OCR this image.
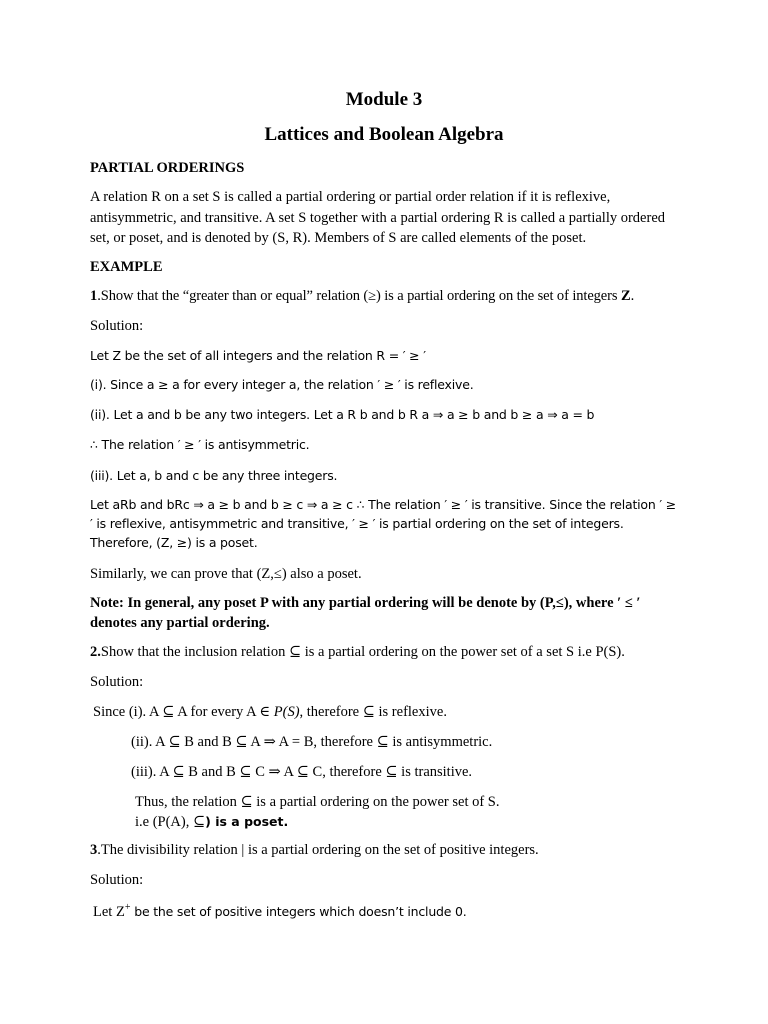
Module 3
Lattices and Boolean Algebra
PARTIAL ORDERINGS
A relation R on a set S is called a partial ordering or partial order relation if it is reflexive, antisymmetric, and transitive. A set S together with a partial ordering R is called a partially ordered set, or poset, and is denoted by (S, R). Members of S are called elements of the poset.
EXAMPLE
1.Show that the “greater than or equal” relation (≥) is a partial ordering on the set of integers Z.
Solution:
Let Z be the set of all integers and the relation R = ′ ≥ ′
(i). Since a ≥ a for every integer a, the relation ′ ≥ ′ is reflexive.
(ii). Let a and b be any two integers. Let a R b and b R a ⇒ a ≥ b and b ≥ a ⇒ a = b
∴ The relation ′ ≥ ′ is antisymmetric.
(iii). Let a, b and c be any three integers.
Let aRb and bRc ⇒ a ≥ b and b ≥ c ⇒ a ≥ c ∴ The relation ′ ≥ ′ is transitive. Since the relation ′ ≥ ′ is reflexive, antisymmetric and transitive, ′ ≥ ′ is partial ordering on the set of integers. Therefore, (Z, ≥) is a poset.
Similarly, we can prove that (Z,≤) also a poset.
Note: In general, any poset P with any partial ordering will be denote by (P,≤), where ′ ≤ ′ denotes any partial ordering.
2.Show that the inclusion relation ⊆ is a partial ordering on the power set of a set S i.e P(S).
Solution:
Since (i). A ⊆ A for every A ∈ P(S), therefore ⊆ is reflexive.
(ii). A ⊆ B and B ⊆ A ⇒ A = B, therefore ⊆ is antisymmetric.
(iii). A ⊆ B and B ⊆ C ⇒ A ⊆ C, therefore ⊆ is transitive.
Thus, the relation ⊆ is a partial ordering on the power set of S.
i.e (P(A), ⊆) is a poset.
3.The divisibility relation | is a partial ordering on the set of positive integers.
Solution:
Let Z+ be the set of positive integers which doesn’t include 0.
